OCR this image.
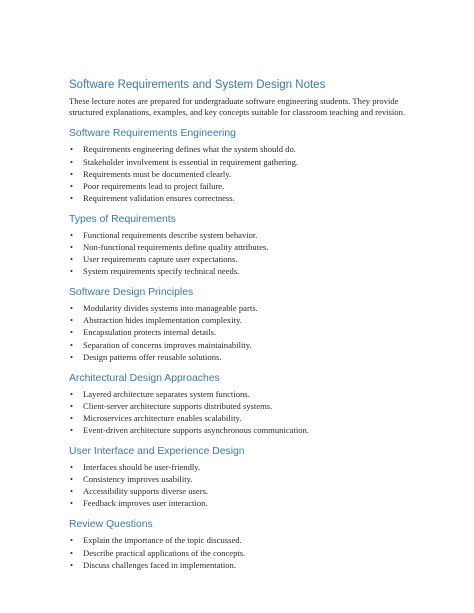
Software Requirements and System Design Notes

These lecture notes are prepared for undergraduate software engineering students. They provide structured explanations, examples, and key concepts suitable for classroom teaching and revision.

Software Requirements Engineering
• Requirements engineering defines what the system should do.
• Stakeholder involvement is essential in requirement gathering.
• Requirements must be documented clearly.
• Poor requirements lead to project failure.
• Requirement validation ensures correctness.
Types of Requirements
• Functional requirements describe system behavior.
• Non-functional requirements define quality attributes.
• User requirements capture user expectations.
• System requirements specify technical needs.
Software Design Principles
• Modularity divides systems into manageable parts.
• Abstraction hides implementation complexity.
• Encapsulation protects internal details.
• Separation of concerns improves maintainability.
• Design patterns offer reusable solutions.
Architectural Design Approaches
• Layered architecture separates system functions.
• Client-server architecture supports distributed systems.
• Microservices architecture enables scalability.
• Event-driven architecture supports asynchronous communication.
User Interface and Experience Design
• Interfaces should be user-friendly.
• Consistency improves usability.
• Accessibility supports diverse users.
• Feedback improves user interaction.
Review Questions
• Explain the importance of the topic discussed.
• Describe practical applications of the concepts.
• Discuss challenges faced in implementation.
